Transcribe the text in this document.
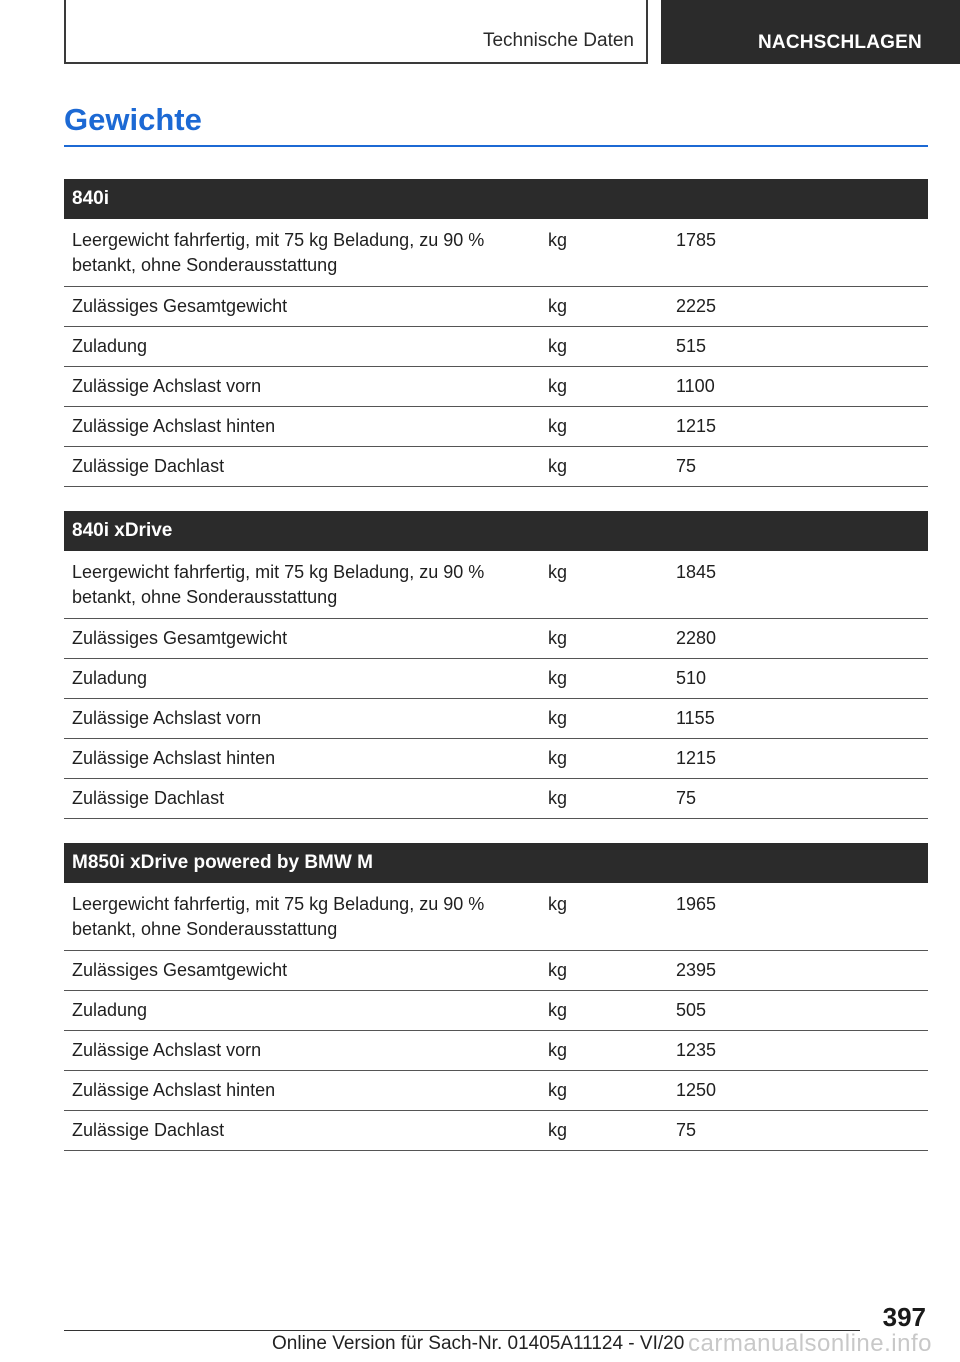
Technische Daten	NACHSCHLAGEN
Gewichte
840i		
Leergewicht fahrfertig, mit 75 kg Beladung, zu 90 % betankt, ohne Sonderausstattung	kg	1785
Zulässiges Gesamtgewicht	kg	2225
Zuladung	kg	515
Zulässige Achslast vorn	kg	1100
Zulässige Achslast hinten	kg	1215
Zulässige Dachlast	kg	75
840i xDrive		
Leergewicht fahrfertig, mit 75 kg Beladung, zu 90 % betankt, ohne Sonderausstattung	kg	1845
Zulässiges Gesamtgewicht	kg	2280
Zuladung	kg	510
Zulässige Achslast vorn	kg	1155
Zulässige Achslast hinten	kg	1215
Zulässige Dachlast	kg	75
M850i xDrive powered by BMW M		
Leergewicht fahrfertig, mit 75 kg Beladung, zu 90 % betankt, ohne Sonderausstattung	kg	1965
Zulässiges Gesamtgewicht	kg	2395
Zuladung	kg	505
Zulässige Achslast vorn	kg	1235
Zulässige Achslast hinten	kg	1250
Zulässige Dachlast	kg	75
397
Online Version für Sach-Nr. 01405A11124 - VI/20 carmanualsonline.info
